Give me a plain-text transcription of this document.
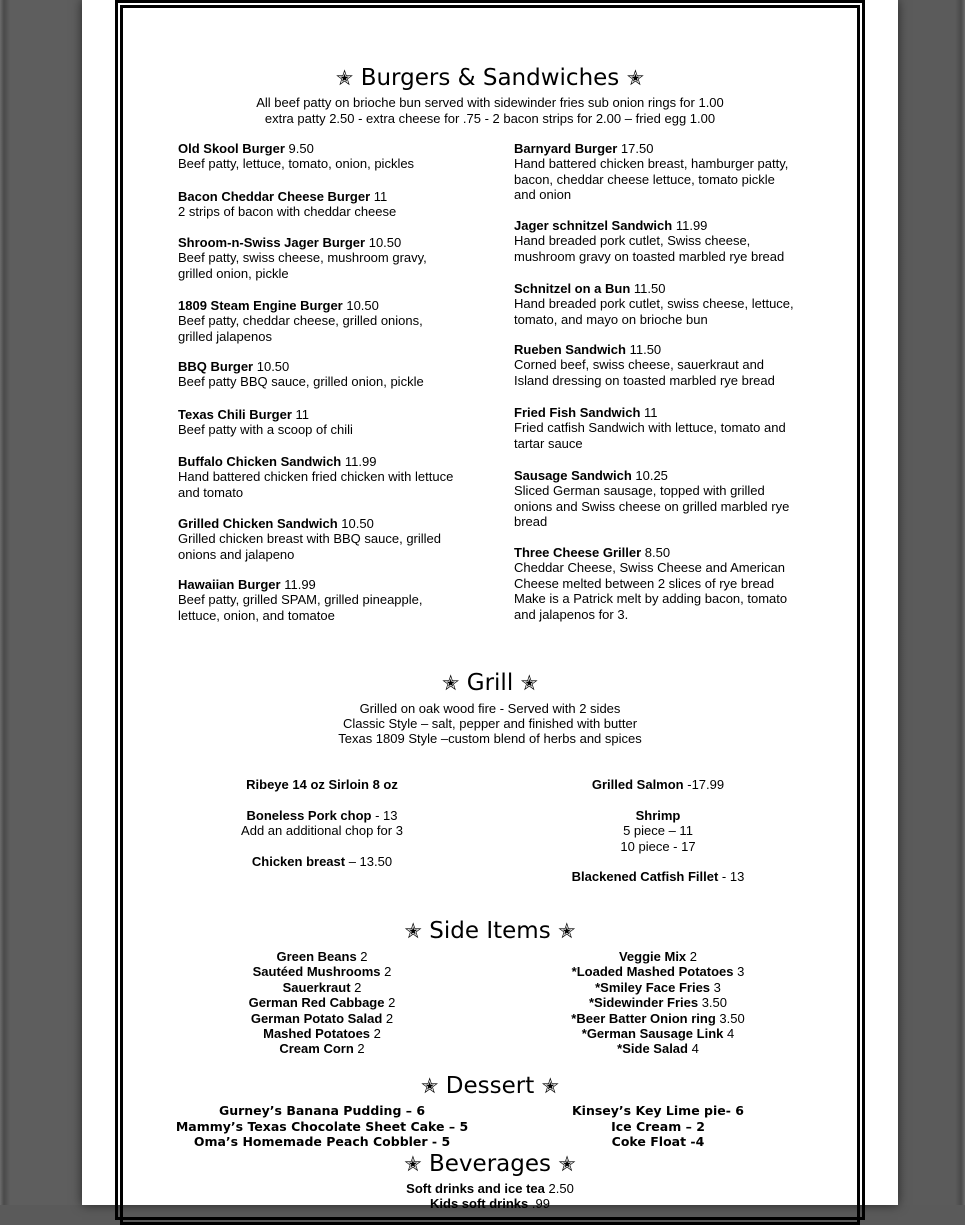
✭ Burgers & Sandwiches ✭
All beef patty on brioche bun served with sidewinder fries sub onion rings for 1.00
extra patty 2.50 - extra cheese for .75 - 2 bacon strips for 2.00 – fried egg 1.00
Old Skool Burger 9.50
Beef patty, lettuce, tomato, onion, pickles
Bacon Cheddar Cheese Burger 11
2 strips of bacon with cheddar cheese
Shroom-n-Swiss Jager Burger 10.50
Beef patty, swiss cheese, mushroom gravy,
grilled onion, pickle
1809 Steam Engine Burger 10.50
Beef patty, cheddar cheese, grilled onions,
grilled jalapenos
BBQ Burger 10.50
Beef patty BBQ sauce, grilled onion, pickle
Texas Chili Burger 11
Beef patty with a scoop of chili
Buffalo Chicken Sandwich 11.99
Hand battered chicken fried chicken with lettuce
and tomato
Grilled Chicken Sandwich 10.50
Grilled chicken breast with BBQ sauce, grilled
onions and jalapeno
Hawaiian Burger 11.99
Beef patty, grilled SPAM, grilled pineapple,
lettuce, onion, and tomatoe
Barnyard Burger 17.50
Hand battered chicken breast, hamburger patty,
bacon, cheddar cheese lettuce, tomato pickle
and onion
Jager schnitzel Sandwich 11.99
Hand breaded pork cutlet, Swiss cheese,
mushroom gravy on toasted marbled rye bread
Schnitzel on a Bun 11.50
Hand breaded pork cutlet, swiss cheese, lettuce,
tomato, and mayo on brioche bun
Rueben Sandwich 11.50
Corned beef, swiss cheese, sauerkraut and
Island dressing on toasted marbled rye bread
Fried Fish Sandwich 11
Fried catfish Sandwich with lettuce, tomato and
tartar sauce
Sausage Sandwich 10.25
Sliced German sausage, topped with grilled
onions and Swiss cheese on grilled marbled rye
bread
Three Cheese Griller 8.50
Cheddar Cheese, Swiss Cheese and American
Cheese melted between 2 slices of rye bread
Make is a Patrick melt by adding bacon, tomato
and jalapenos for 3.
✭ Grill ✭
Grilled on oak wood fire - Served with 2 sides
Classic Style – salt, pepper and finished with butter
Texas 1809 Style –custom blend of herbs and spices
Ribeye 14 oz Sirloin 8 oz
Boneless Pork chop - 13
Add an additional chop for 3
Chicken breast – 13.50
Grilled Salmon -17.99
Shrimp
5 piece – 11
10 piece - 17
Blackened Catfish Fillet - 13
✭ Side Items ✭
Green Beans 2
Sautéed Mushrooms 2
Sauerkraut 2
German Red Cabbage 2
German Potato Salad 2
Mashed Potatoes 2
Cream Corn 2
Veggie Mix 2
*Loaded Mashed Potatoes 3
*Smiley Face Fries 3
*Sidewinder Fries 3.50
*Beer Batter Onion ring 3.50
*German Sausage Link 4
*Side Salad 4
✭ Dessert ✭
Gurney’s Banana Pudding – 6
Mammy’s Texas Chocolate Sheet Cake – 5
Oma’s Homemade Peach Cobbler - 5
Kinsey’s Key Lime pie- 6
Ice Cream – 2
Coke Float -4
✭ Beverages ✭
Soft drinks and ice tea 2.50
Kids soft drinks .99
